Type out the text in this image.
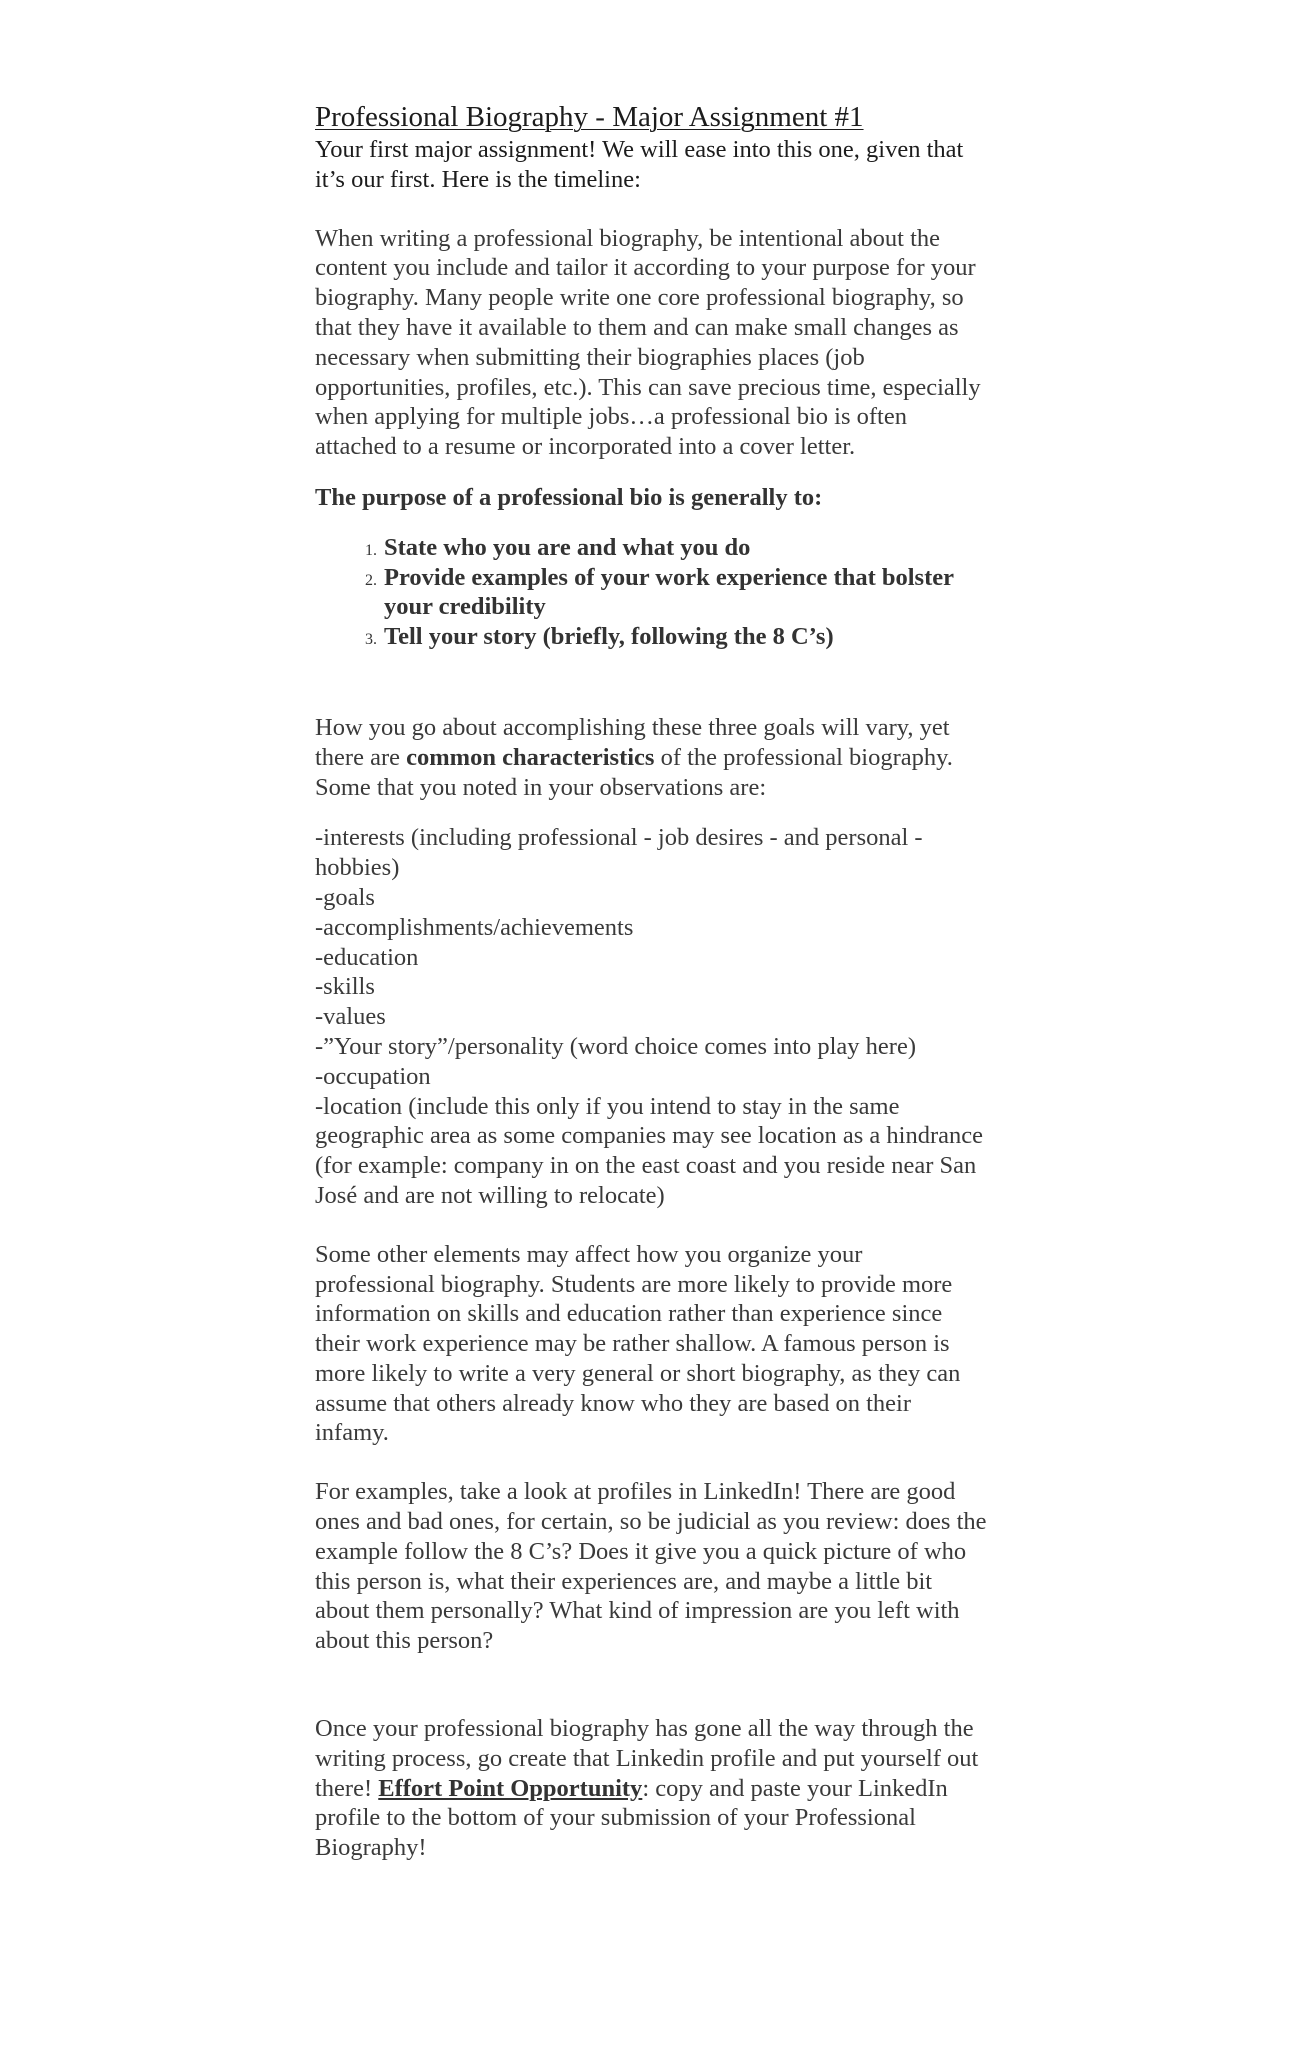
Professional Biography - Major Assignment #1

Your first major assignment! We will ease into this one, given that it’s our first. Here is the timeline:

When writing a professional biography, be intentional about the content you include and tailor it according to your purpose for your biography. Many people write one core professional biography, so that they have it available to them and can make small changes as necessary when submitting their biographies places (job opportunities, profiles, etc.). This can save precious time, especially when applying for multiple jobs…a professional bio is often attached to a resume or incorporated into a cover letter.

The purpose of a professional bio is generally to:

1. State who you are and what you do
2. Provide examples of your work experience that bolster your credibility
3. Tell your story (briefly, following the 8 C’s)

How you go about accomplishing these three goals will vary, yet there are common characteristics of the professional biography. Some that you noted in your observations are:

-interests (including professional - job desires - and personal - hobbies)

-goals

-accomplishments/achievements

-education

-skills

-values

-”Your story”/personality (word choice comes into play here)

-occupation

-location (include this only if you intend to stay in the same geographic area as some companies may see location as a hindrance (for example: company in on the east coast and you reside near San José and are not willing to relocate)

Some other elements may affect how you organize your professional biography. Students are more likely to provide more information on skills and education rather than experience since their work experience may be rather shallow. A famous person is more likely to write a very general or short biography, as they can assume that others already know who they are based on their infamy.

For examples, take a look at profiles in LinkedIn! There are good ones and bad ones, for certain, so be judicial as you review: does the example follow the 8 C’s? Does it give you a quick picture of who this person is, what their experiences are, and maybe a little bit about them personally? What kind of impression are you left with about this person?

Once your professional biography has gone all the way through the writing process, go create that Linkedin profile and put yourself out there! Effort Point Opportunity: copy and paste your LinkedIn profile to the bottom of your submission of your Professional Biography!
